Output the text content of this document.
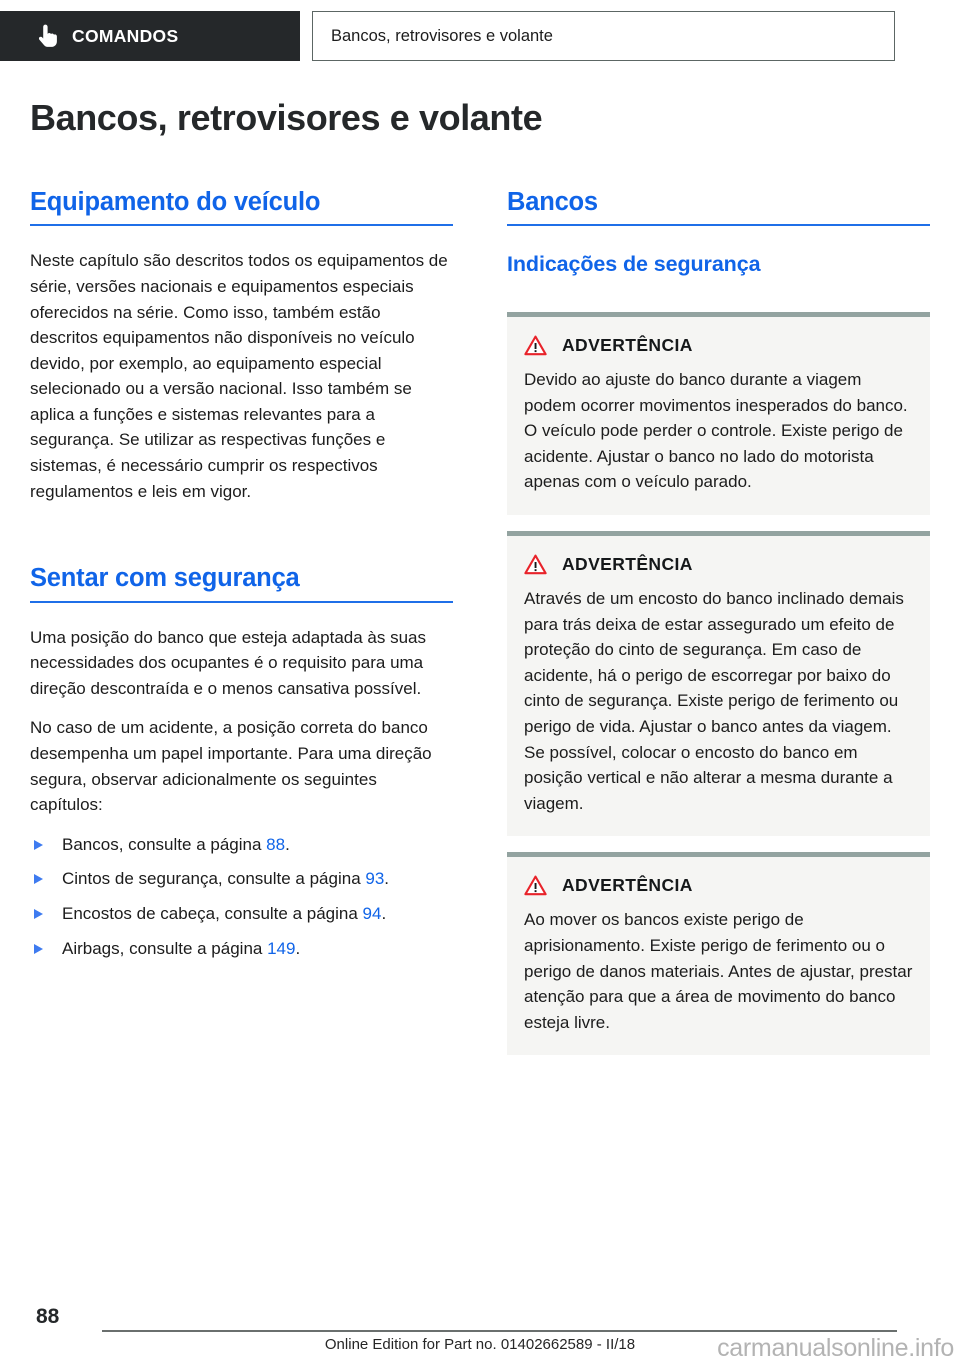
COMANDOS	Bancos, retrovisores e volante
Bancos, retrovisores e volante
Equipamento do veículo

Neste capítulo são descritos todos os equipamentos de série, versões nacionais e equipamentos especiais oferecidos na série. Como isso, também estão descritos equipamentos não disponíveis no veículo devido, por exemplo, ao equipamento especial selecionado ou a versão nacional. Isso também se aplica a funções e sistemas relevantes para a segurança. Se utilizar as respectivas funções e sistemas, é necessário cumprir os respectivos regulamentos e leis em vigor.

Sentar com segurança

Uma posição do banco que esteja adaptada às suas necessidades dos ocupantes é o requisito para uma direção descontraída e o menos cansativa possível.

No caso de um acidente, a posição correta do banco desempenha um papel importante. Para uma direção segura, observar adicionalmente os seguintes capítulos:

Bancos, consulte a página 88.
Cintos de segurança, consulte a página 93.
Encostos de cabeça, consulte a página 94.
Airbags, consulte a página 149.
Bancos
Indicações de segurança
ADVERTÊNCIA

Devido ao ajuste do banco durante a viagem podem ocorrer movimentos inesperados do banco. O veículo pode perder o controle. Existe perigo de acidente. Ajustar o banco no lado do motorista apenas com o veículo parado.

ADVERTÊNCIA

Através de um encosto do banco inclinado demais para trás deixa de estar assegurado um efeito de proteção do cinto de segurança. Em caso de acidente, há o perigo de escorregar por baixo do cinto de segurança. Existe perigo de ferimento ou perigo de vida. Ajustar o banco antes da viagem. Se possível, colocar o encosto do banco em posição vertical e não alterar a mesma durante a viagem.

ADVERTÊNCIA

Ao mover os bancos existe perigo de aprisionamento. Existe perigo de ferimento ou o perigo de danos materiais. Antes de ajustar, prestar atenção para que a área de movimento do banco esteja livre.

88
Online Edition for Part no. 01402662589 - II/18	carmanualsonline.info
